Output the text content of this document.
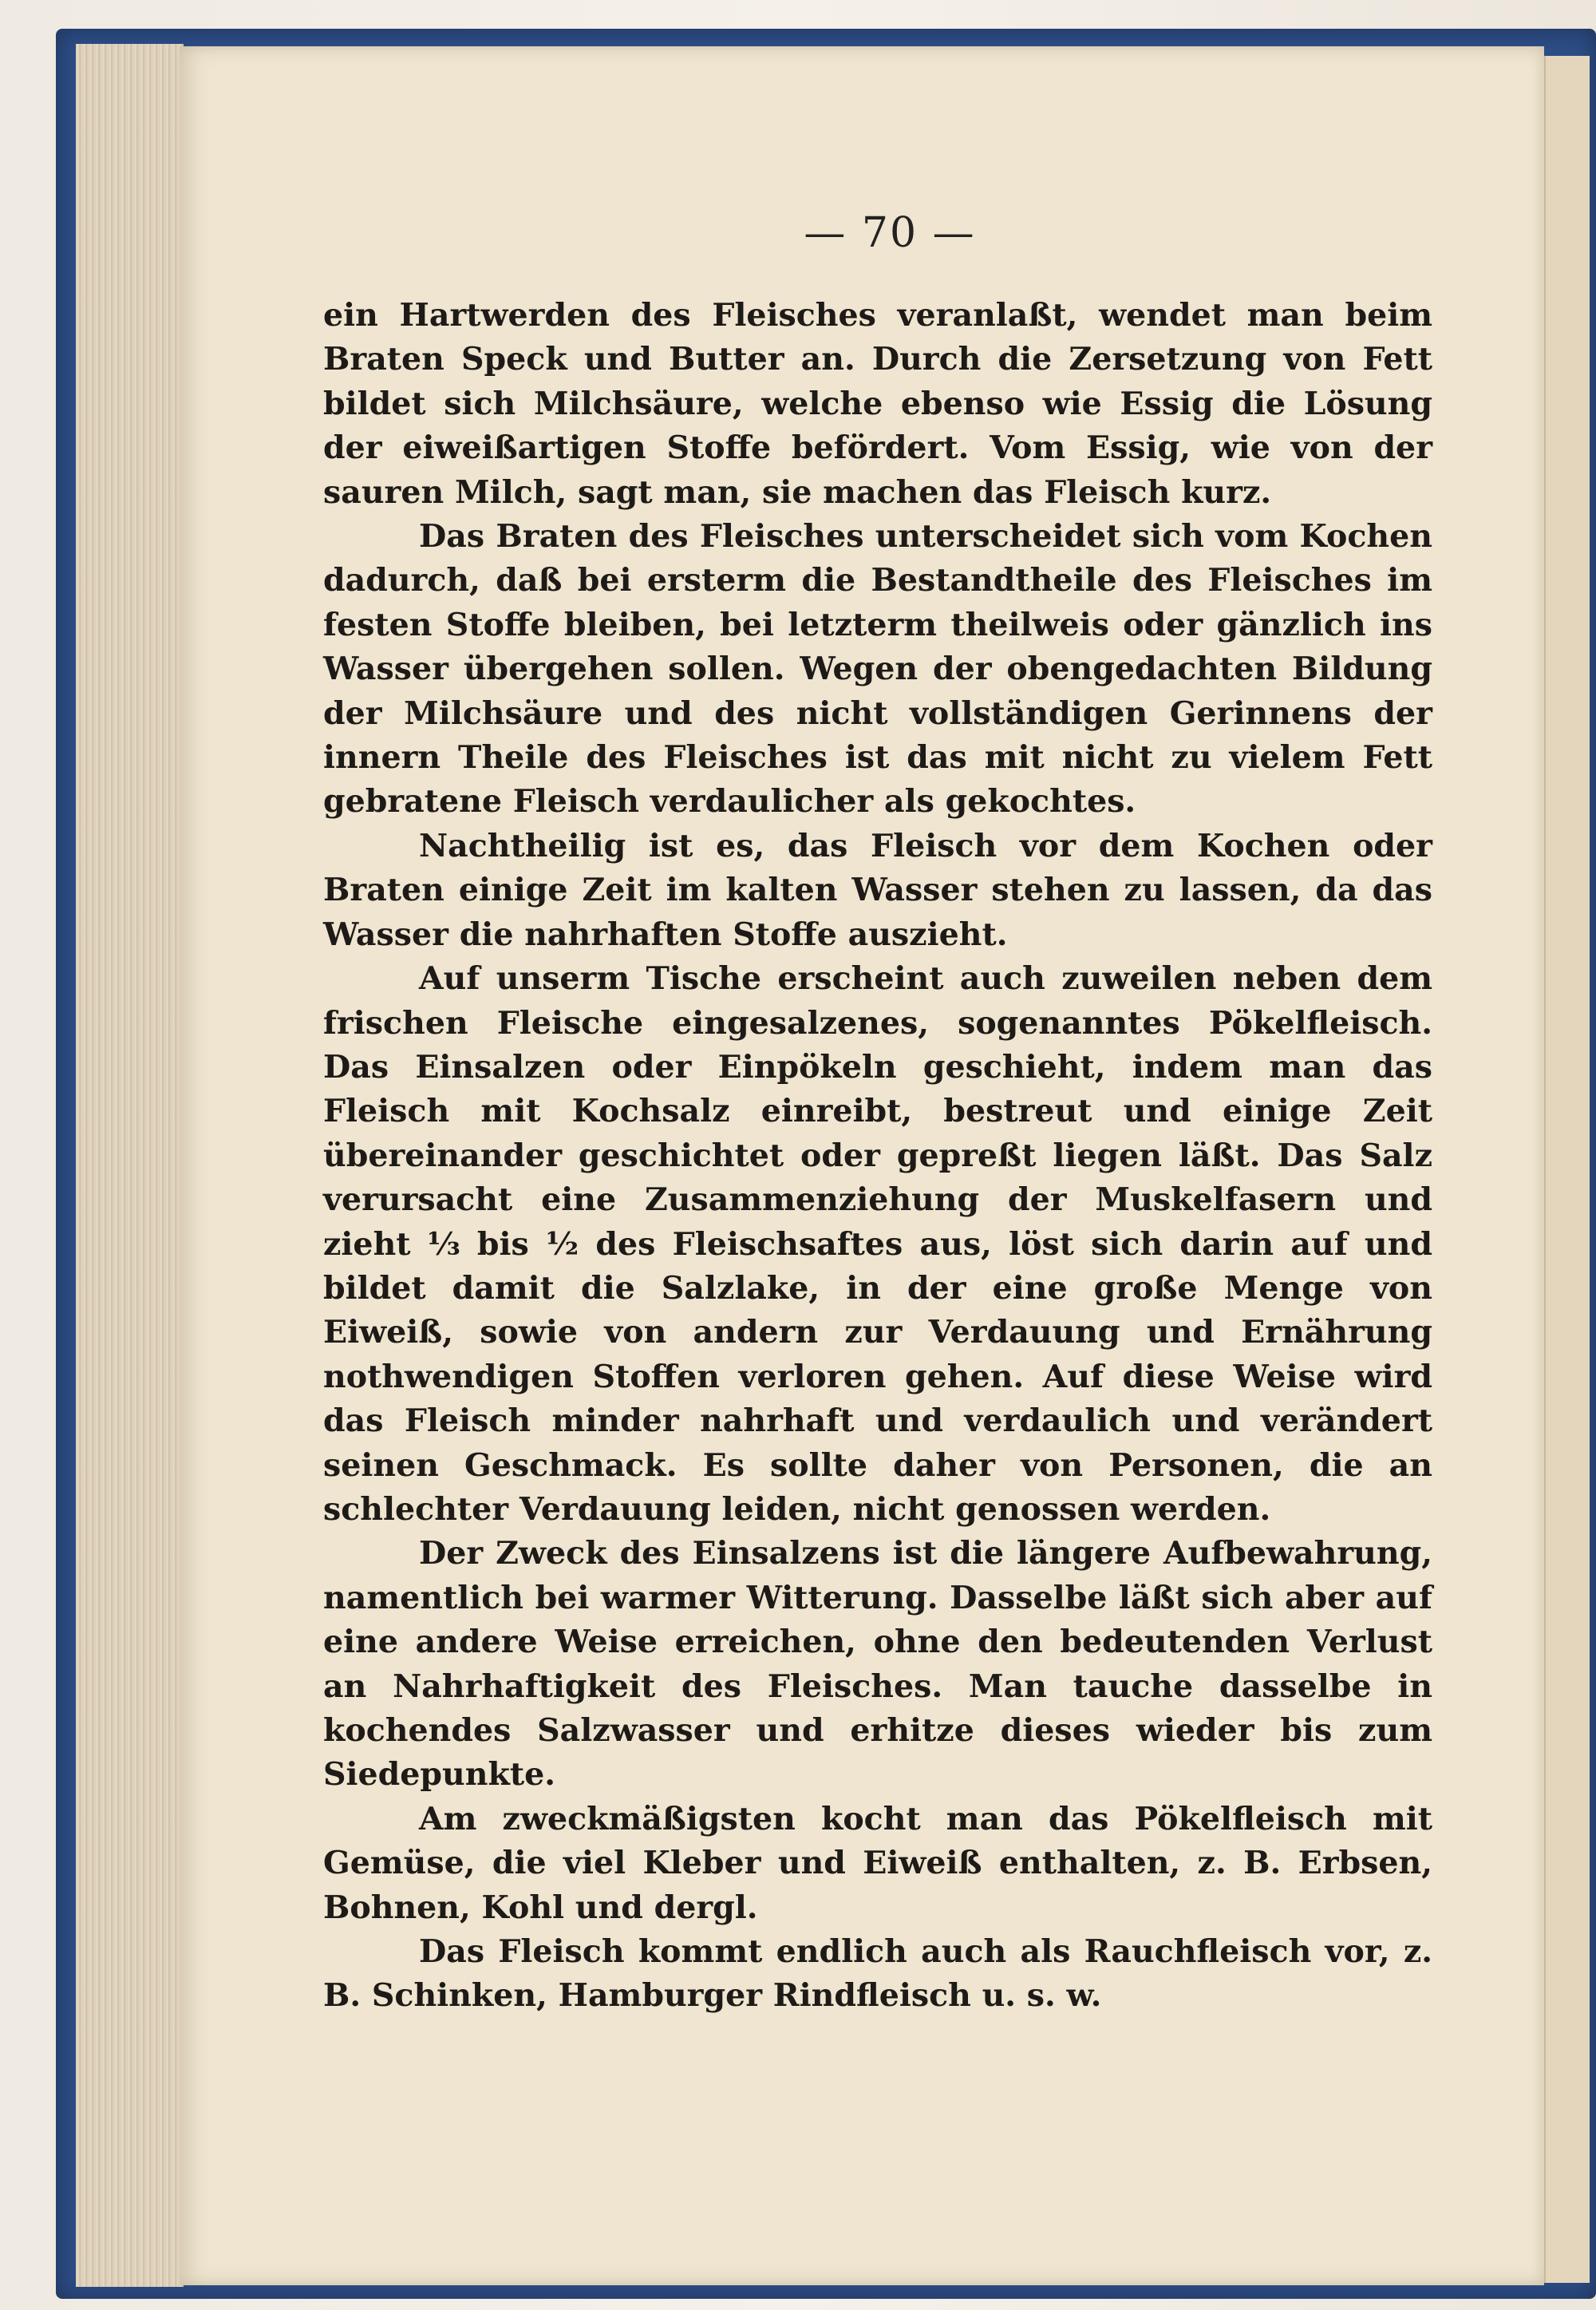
— 70 —

ein Hartwerden des Fleisches veranlaßt, wendet man beim Braten Speck und Butter an. Durch die Zersetzung von Fett bildet sich Milchsäure, welche ebenso wie Essig die Lösung der eiweißartigen Stoffe befördert. Vom Essig, wie von der sauren Milch, sagt man, sie machen das Fleisch kurz.

Das Braten des Fleisches unterscheidet sich vom Kochen dadurch, daß bei ersterm die Bestandtheile des Fleisches im festen Stoffe bleiben, bei letzterm theilweis oder gänzlich ins Wasser übergehen sollen. Wegen der obengedachten Bildung der Milchsäure und des nicht vollständigen Gerinnens der innern Theile des Fleisches ist das mit nicht zu vielem Fett gebratene Fleisch verdaulicher als gekochtes.

Nachtheilig ist es, das Fleisch vor dem Kochen oder Braten einige Zeit im kalten Wasser stehen zu lassen, da das Wasser die nahrhaften Stoffe auszieht.

Auf unserm Tische erscheint auch zuweilen neben dem frischen Fleische eingesalzenes, sogenanntes Pökelfleisch. Das Einsalzen oder Einpökeln geschieht, indem man das Fleisch mit Kochsalz einreibt, bestreut und einige Zeit übereinander geschichtet oder gepreßt liegen läßt. Das Salz verursacht eine Zusammenziehung der Muskelfasern und zieht ⅓ bis ½ des Fleischsaftes aus, löst sich darin auf und bildet damit die Salzlake, in der eine große Menge von Eiweiß, sowie von andern zur Verdauung und Ernährung nothwendigen Stoffen verloren gehen. Auf diese Weise wird das Fleisch minder nahrhaft und verdaulich und verändert seinen Geschmack. Es sollte daher von Personen, die an schlechter Verdauung leiden, nicht genossen werden.

Der Zweck des Einsalzens ist die längere Aufbewahrung, namentlich bei warmer Witterung. Dasselbe läßt sich aber auf eine andere Weise erreichen, ohne den bedeutenden Verlust an Nahrhaftigkeit des Fleisches. Man tauche dasselbe in kochendes Salzwasser und erhitze dieses wieder bis zum Siedepunkte.

Am zweckmäßigsten kocht man das Pökelfleisch mit Gemüse, die viel Kleber und Eiweiß enthalten, z. B. Erbsen, Bohnen, Kohl und dergl.

Das Fleisch kommt endlich auch als Rauchfleisch vor, z. B. Schinken, Hamburger Rindfleisch u. s. w.
